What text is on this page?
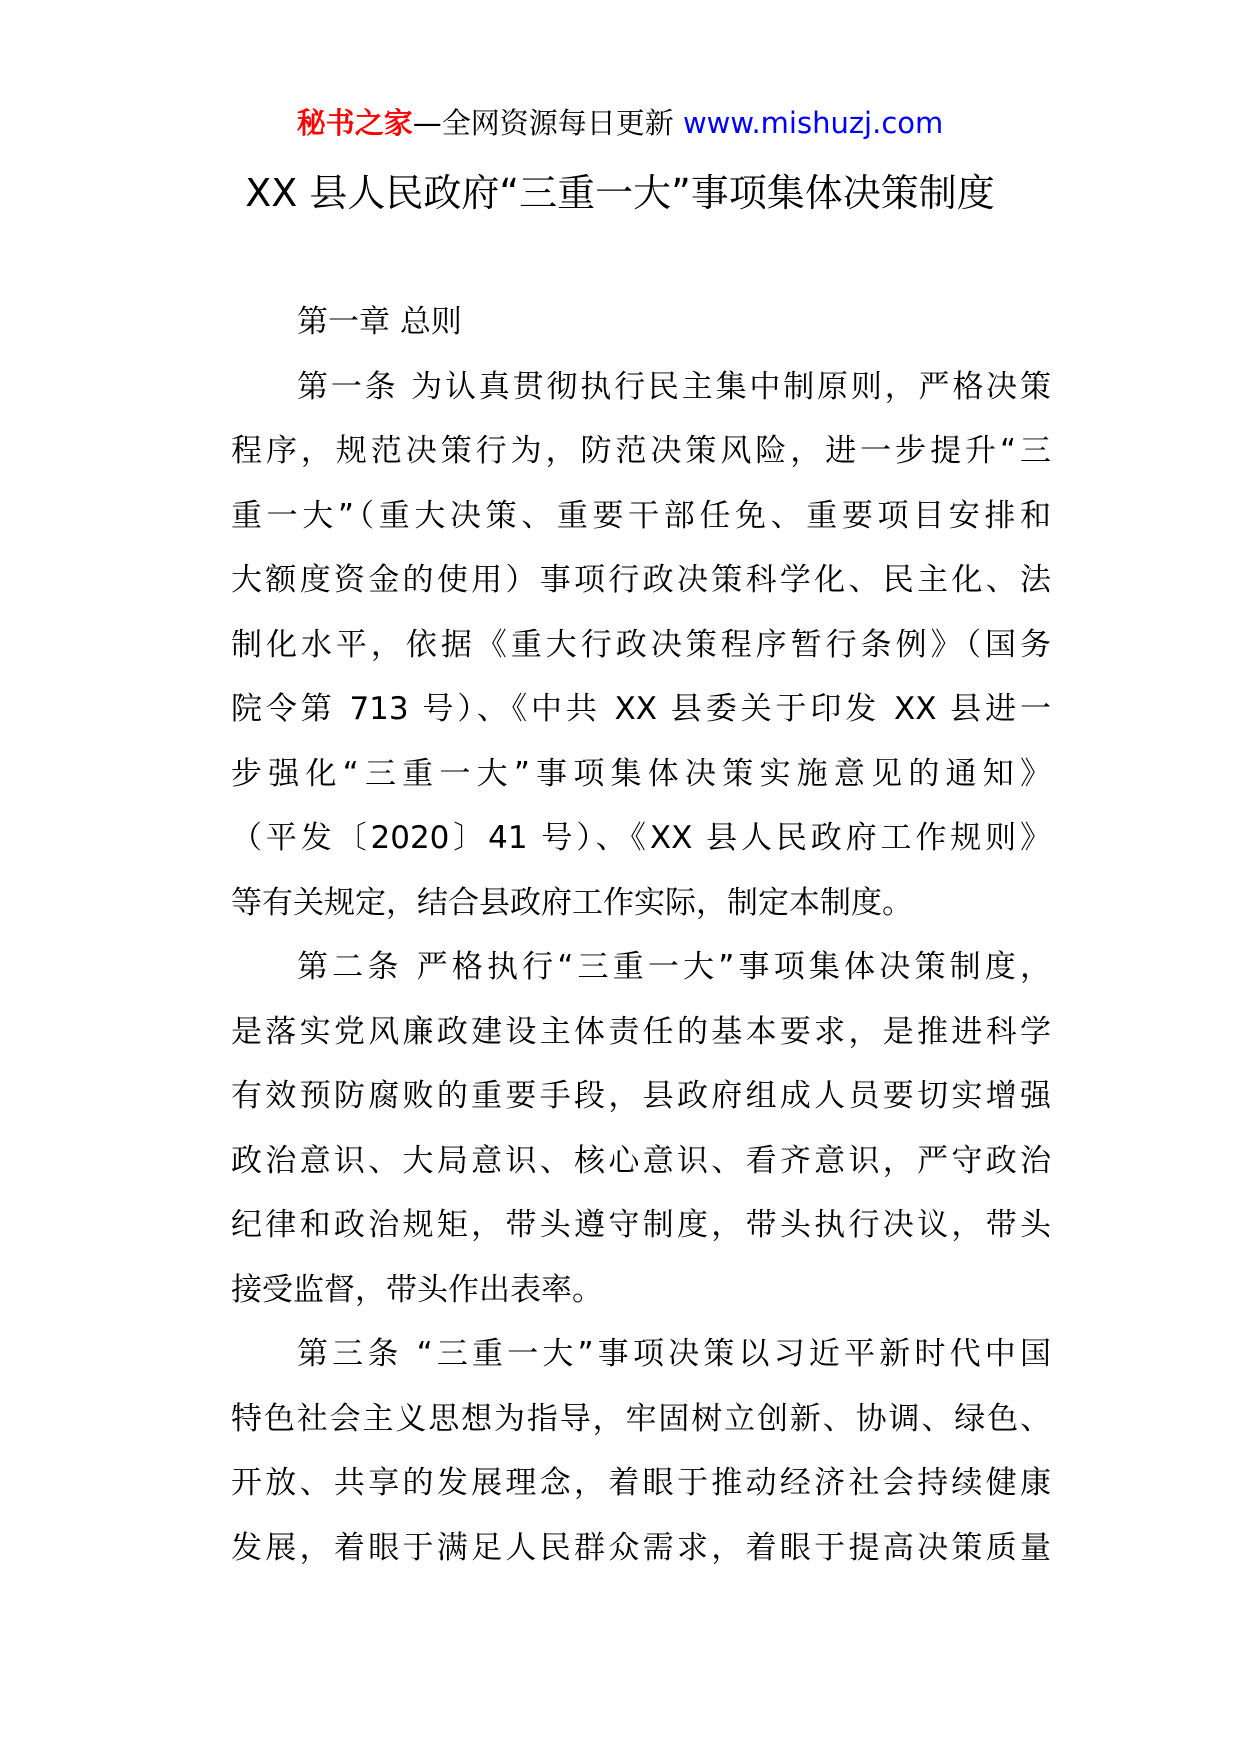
秘书之家—全网资源每日更新 www.mishuzj.com
XX 县人民政府“三重一大”事项集体决策制度
第一章 总则
第一条 为认真贯彻执行民主集中制原则，严格决策
程序，规范决策行为，防范决策风险，进一步提升“三
重一大”（重大决策、重要干部任免、重要项目安排和
大额度资金的使用）事项行政决策科学化、民主化、法
制化水平，依据《重大行政决策程序暂行条例》（国务
院令第 713 号）、《中共 XX 县委关于印发 XX 县进一
步强化“三重一大”事项集体决策实施意见的通知》
（平发〔2020〕41 号）、《XX 县人民政府工作规则》
等有关规定，结合县政府工作实际，制定本制度。
第二条 严格执行“三重一大”事项集体决策制度，
是落实党风廉政建设主体责任的基本要求，是推进科学
有效预防腐败的重要手段，县政府组成人员要切实增强
政治意识、大局意识、核心意识、看齐意识，严守政治
纪律和政治规矩，带头遵守制度，带头执行决议，带头
接受监督，带头作出表率。
第三条 “三重一大”事项决策以习近平新时代中国
特色社会主义思想为指导，牢固树立创新、协调、绿色、
开放、共享的发展理念，着眼于推动经济社会持续健康
发展，着眼于满足人民群众需求，着眼于提高决策质量
